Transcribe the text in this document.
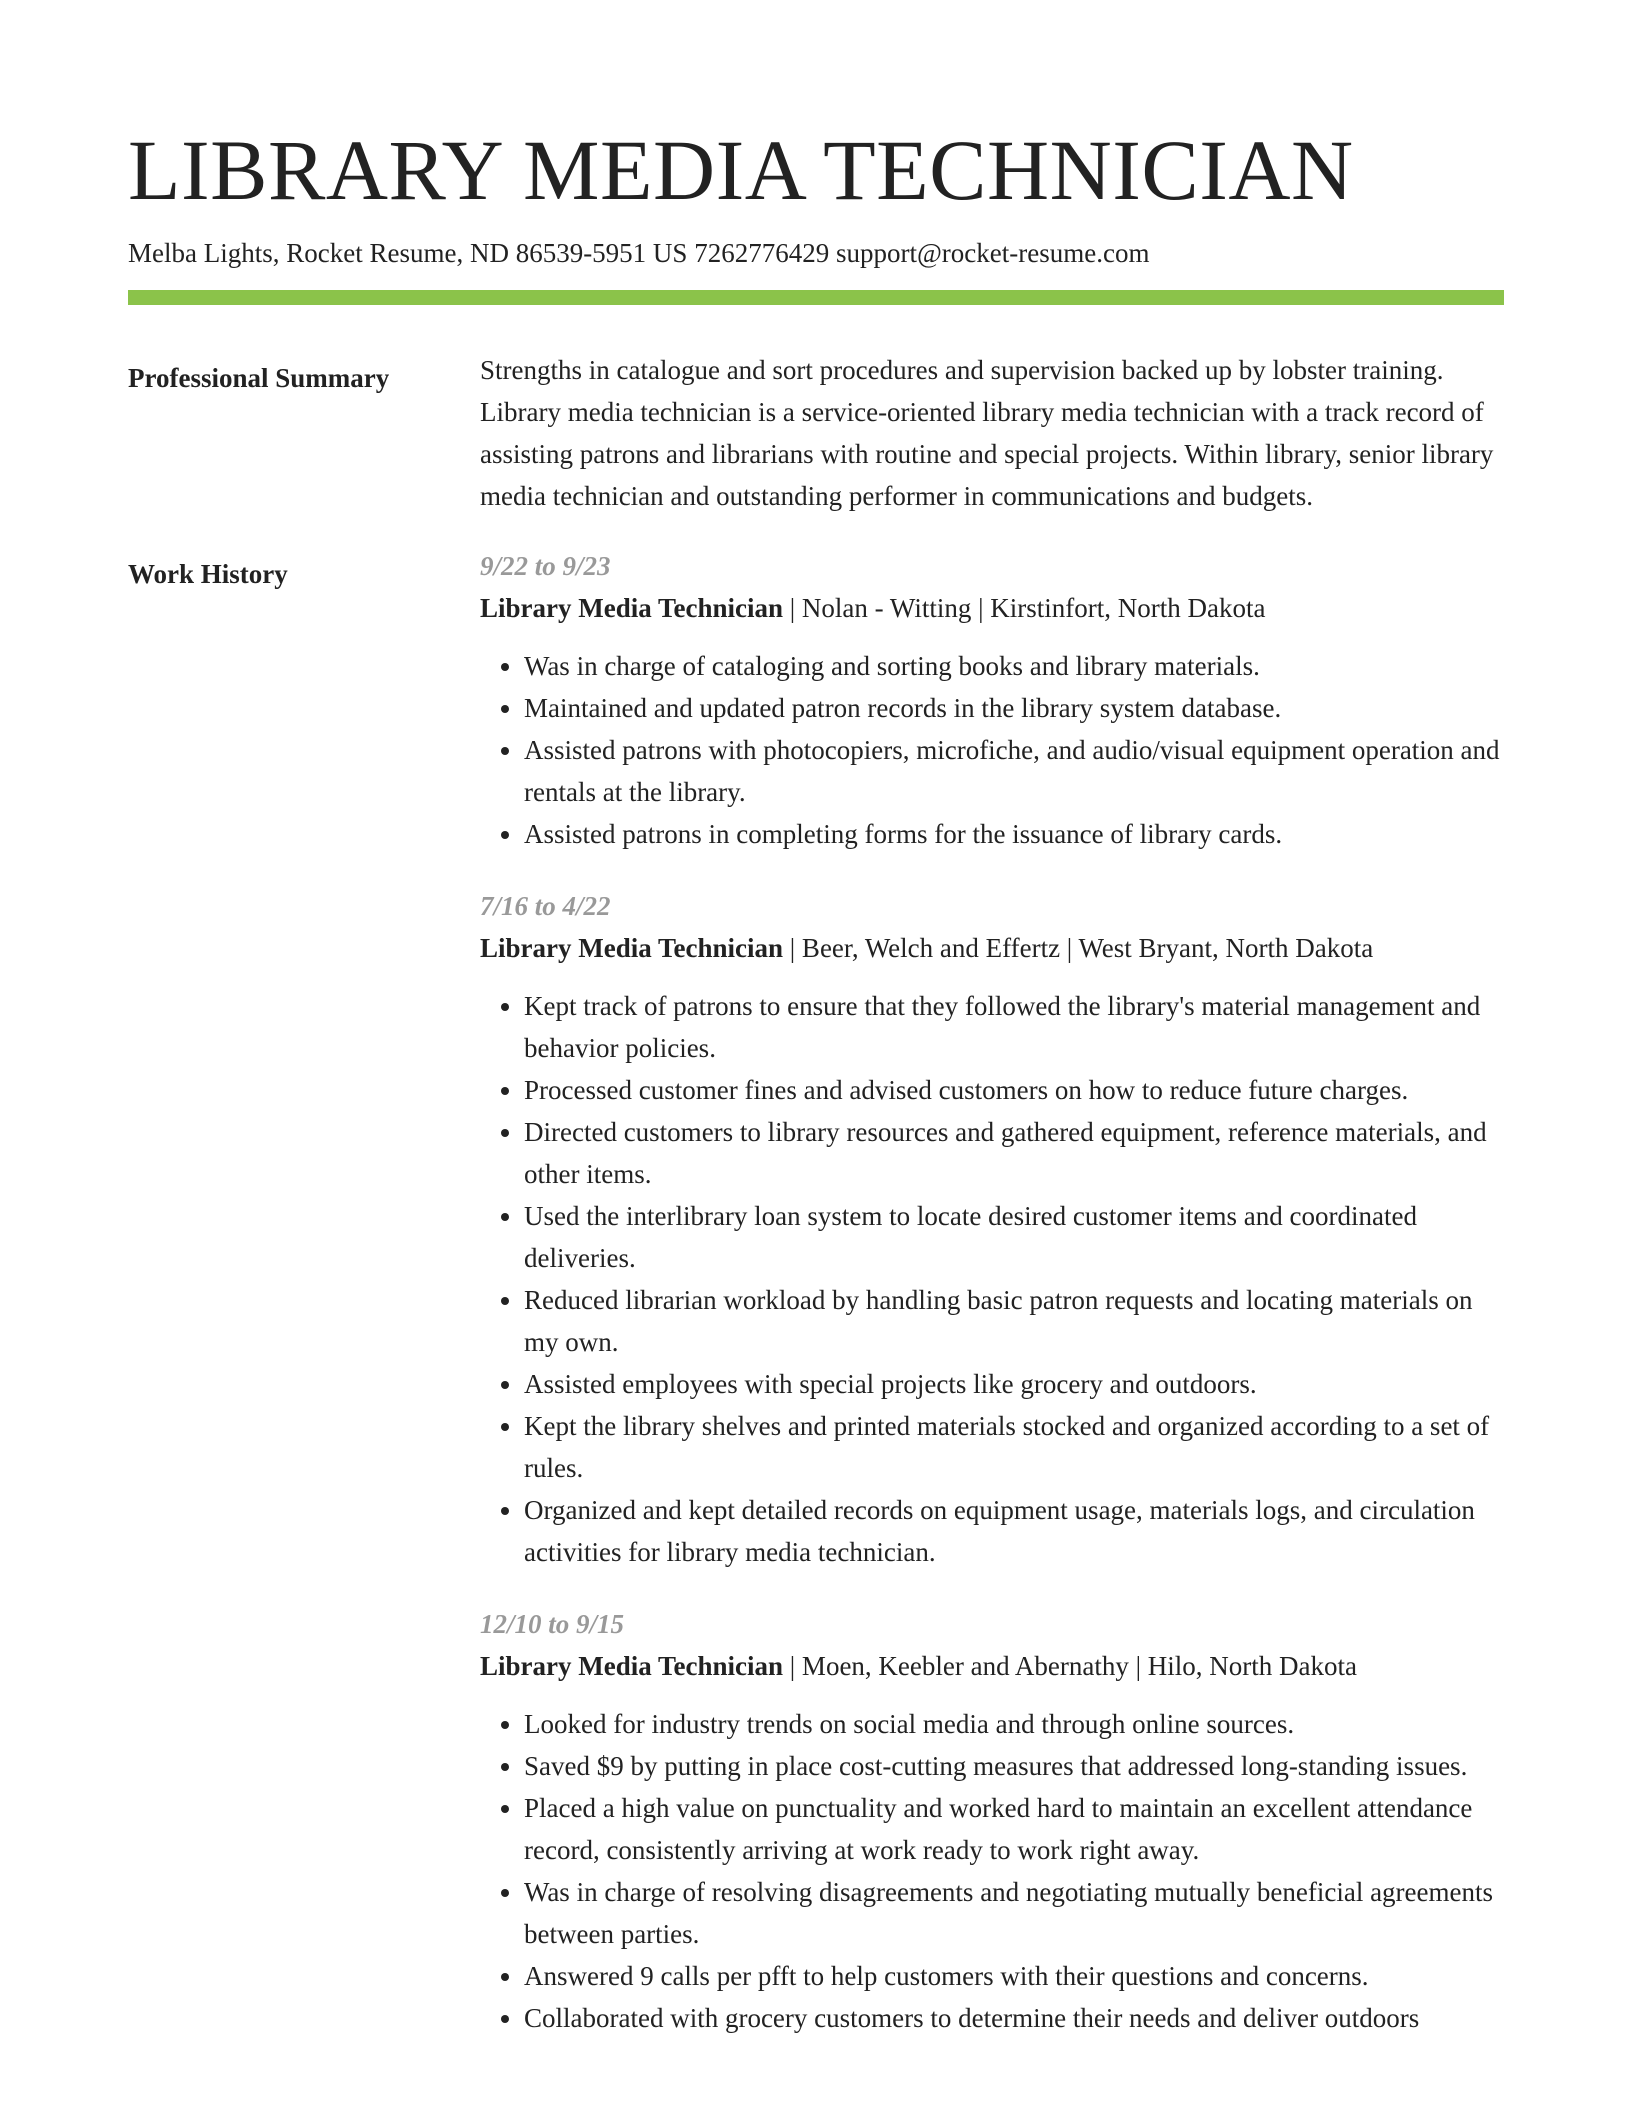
LIBRARY MEDIA TECHNICIAN
Melba Lights, Rocket Resume, ND 86539-5951 US 7262776429 support@rocket-resume.com
Professional Summary	Strengths in catalogue and sort procedures and supervision backed up by lobster training. Library media technician is a service-oriented library media technician with a track record of assisting patrons and librarians with routine and special projects. Within library, senior library media technician and outstanding performer in communications and budgets.

Work History	9/22 to 9/23
Library Media Technician | Nolan - Witting | Kirstinfort, North Dakota
• Was in charge of cataloging and sorting books and library materials.
• Maintained and updated patron records in the library system database.
• Assisted patrons with photocopiers, microfiche, and audio/visual equipment operation and rentals at the library.
• Assisted patrons in completing forms for the issuance of library cards.
7/16 to 4/22
Library Media Technician | Beer, Welch and Effertz | West Bryant, North Dakota
• Kept track of patrons to ensure that they followed the library's material management and behavior policies.
• Processed customer fines and advised customers on how to reduce future charges.
• Directed customers to library resources and gathered equipment, reference materials, and other items.
• Used the interlibrary loan system to locate desired customer items and coordinated deliveries.
• Reduced librarian workload by handling basic patron requests and locating materials on my own.
• Assisted employees with special projects like grocery and outdoors.
• Kept the library shelves and printed materials stocked and organized according to a set of rules.
• Organized and kept detailed records on equipment usage, materials logs, and circulation activities for library media technician.
12/10 to 9/15
Library Media Technician | Moen, Keebler and Abernathy | Hilo, North Dakota
• Looked for industry trends on social media and through online sources.
• Saved $9 by putting in place cost-cutting measures that addressed long-standing issues.
• Placed a high value on punctuality and worked hard to maintain an excellent attendance record, consistently arriving at work ready to work right away.
• Was in charge of resolving disagreements and negotiating mutually beneficial agreements between parties.
• Answered 9 calls per pfft to help customers with their questions and concerns.
• Collaborated with grocery customers to determine their needs and deliver outdoors
